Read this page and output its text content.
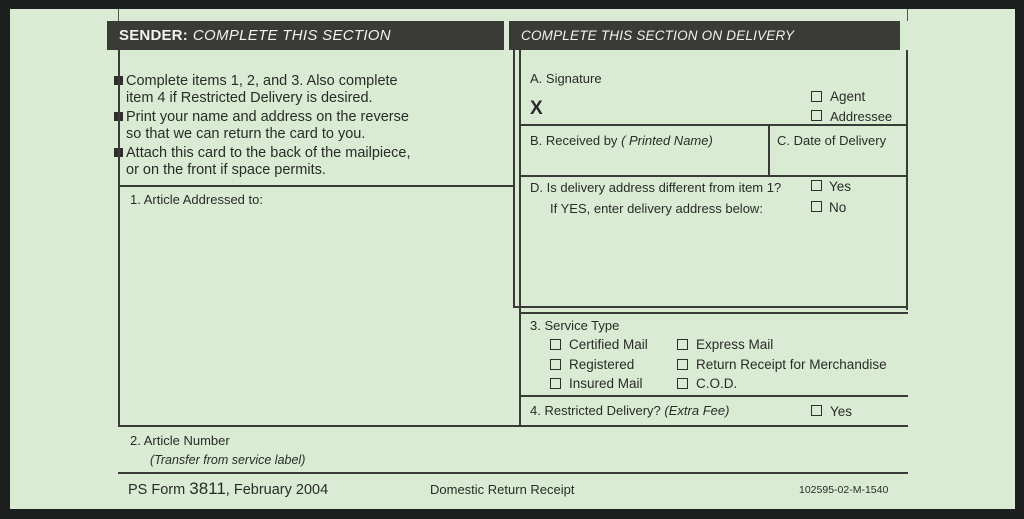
SENDER: COMPLETE THIS SECTION	COMPLETE THIS SECTION ON DELIVERY
Complete items 1, 2, and 3. Also complete
item 4 if Restricted Delivery is desired.
Print your name and address on the reverse
so that we can return the card to you.
Attach this card to the back of the mailpiece,
or on the front if space permits.
1. Article Addressed to:
A. Signature
X
Agent
Addressee
B. Received by ( Printed Name)	C. Date of Delivery
D. Is delivery address different from item 1?
If YES, enter delivery address below:
Yes
No
3. Service Type
Certified Mail
Registered
Insured Mail
Express Mail
Return Receipt for Merchandise
C.O.D.
4. Restricted Delivery? (Extra Fee)	Yes
2. Article Number
(Transfer from service label)
PS Form 3811, February 2004	Domestic Return Receipt	102595-02-M-1540
